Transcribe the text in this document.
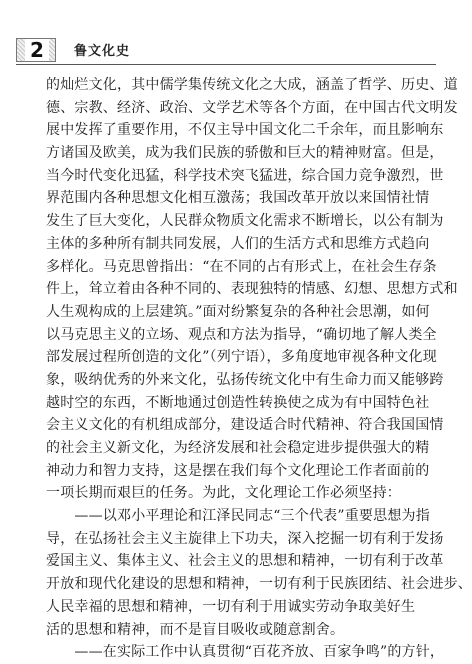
2	鲁文化史
的灿烂文化，其中儒学集传统文化之大成，涵盖了哲学、历史、道
德、宗教、经济、政治、文学艺术等各个方面，在中国古代文明发
展中发挥了重要作用，不仅主导中国文化二千余年，而且影响东
方诸国及欧美，成为我们民族的骄傲和巨大的精神财富。但是，
当今时代变化迅猛，科学技术突飞猛进，综合国力竞争激烈，世
界范围内各种思想文化相互激荡；我国改革开放以来国情社情
发生了巨大变化，人民群众物质文化需求不断增长，以公有制为
主体的多种所有制共同发展，人们的生活方式和思维方式趋向
多样化。马克思曾指出：“在不同的占有形式上，在社会生存条
件上，耸立着由各种不同的、表现独特的情感、幻想、思想方式和
人生观构成的上层建筑。”面对纷繁复杂的各种社会思潮，如何
以马克思主义的立场、观点和方法为指导，“确切地了解人类全
部发展过程所创造的文化”（列宁语），多角度地审视各种文化现
象，吸纳优秀的外来文化，弘扬传统文化中有生命力而又能够跨
越时空的东西，不断地通过创造性转换使之成为有中国特色社
会主义文化的有机组成部分，建设适合时代精神、符合我国国情
的社会主义新文化，为经济发展和社会稳定进步提供强大的精
神动力和智力支持，这是摆在我们每个文化理论工作者面前的
一项长期而艰巨的任务。为此，文化理论工作必须坚持：
　　——以邓小平理论和江泽民同志“三个代表”重要思想为指
导，在弘扬社会主义主旋律上下功夫，深入挖掘一切有利于发扬
爱国主义、集体主义、社会主义的思想和精神，一切有利于改革
开放和现代化建设的思想和精神，一切有利于民族团结、社会进步、
人民幸福的思想和精神，一切有利于用诚实劳动争取美好生
活的思想和精神，而不是盲目吸收或随意割舍。
　　——在实际工作中认真贯彻“百花齐放、百家争鸣”的方针，
